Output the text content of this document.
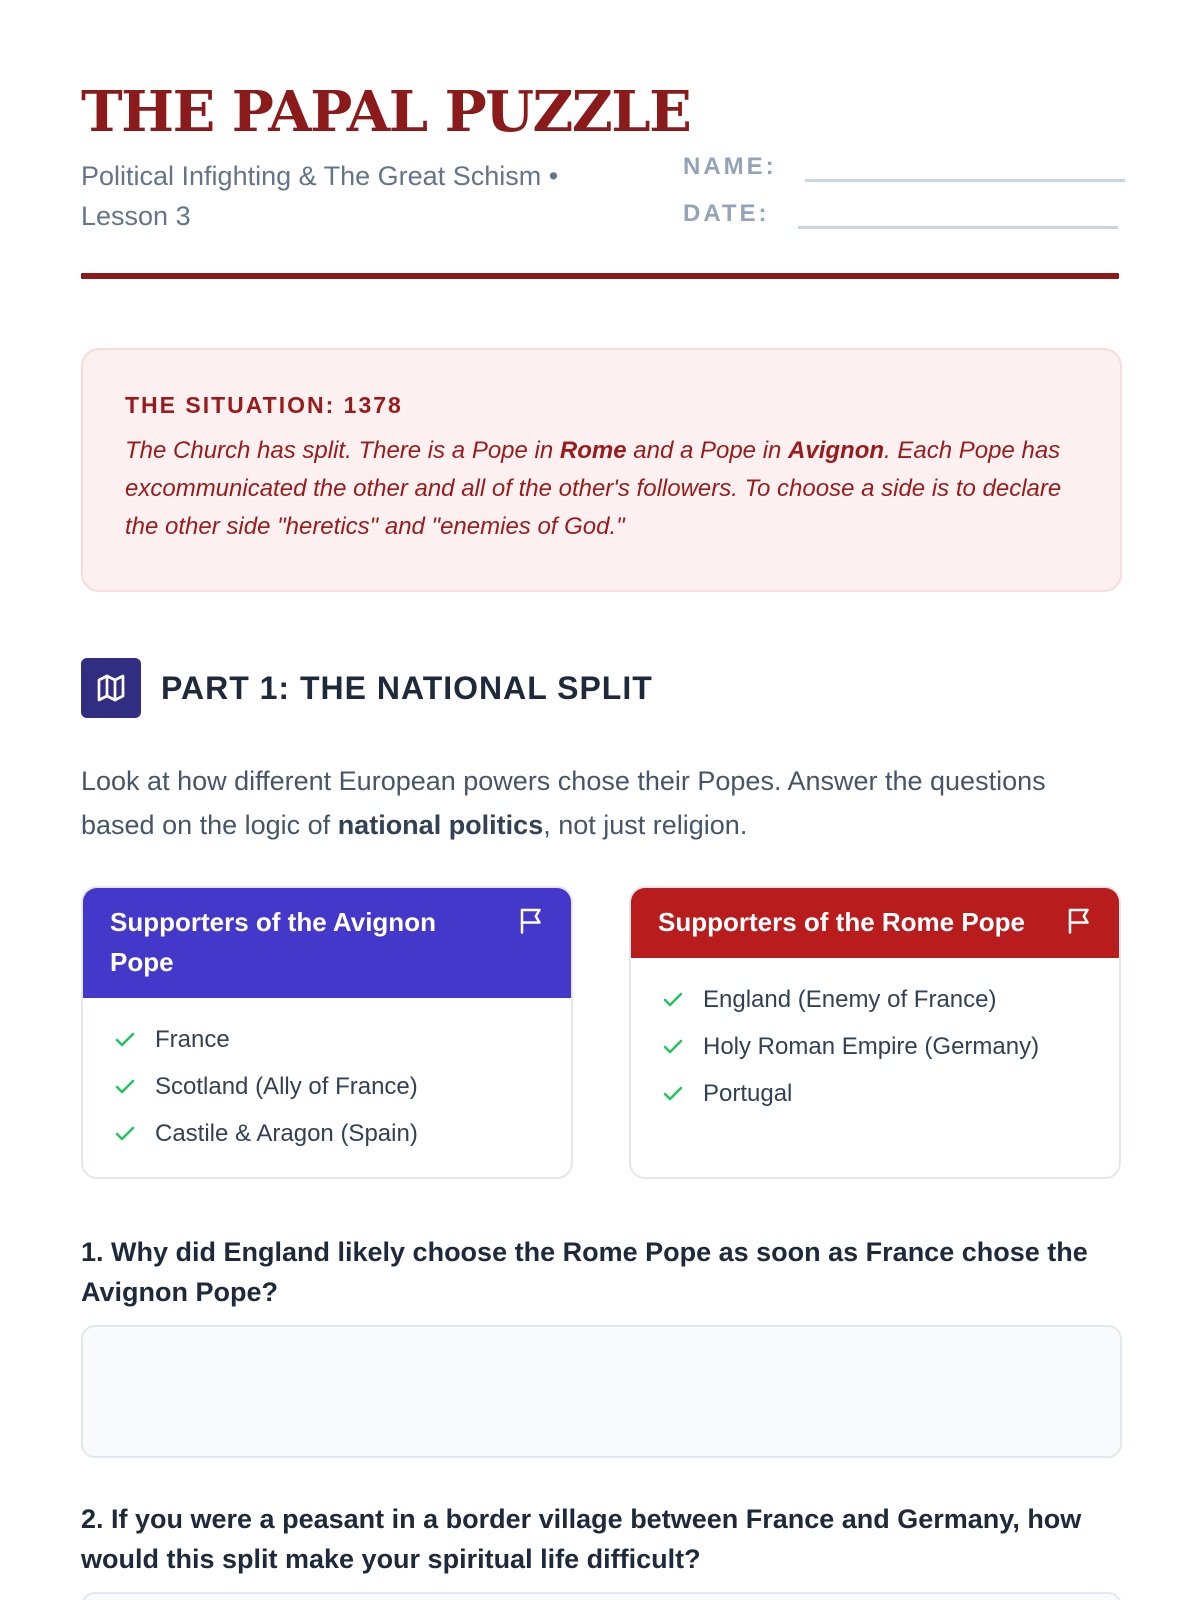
THE PAPAL PUZZLE
Political Infighting & The Great Schism • Lesson 3
NAME:
DATE:
THE SITUATION: 1378

The Church has split. There is a Pope in Rome and a Pope in Avignon. Each Pope has excommunicated the other and all of the other's followers. To choose a side is to declare the other side "heretics" and "enemies of God."

PART 1: THE NATIONAL SPLIT

Look at how different European powers chose their Popes. Answer the questions based on the logic of national politics, not just religion.

Supporters of the Avignon Pope
France
Scotland (Ally of France)
Castile & Aragon (Spain)
Supporters of the Rome Pope
England (Enemy of France)
Holy Roman Empire (Germany)
Portugal
1. Why did England likely choose the Rome Pope as soon as France chose the Avignon Pope?
2. If you were a peasant in a border village between France and Germany, how would this split make your spiritual life difficult?
